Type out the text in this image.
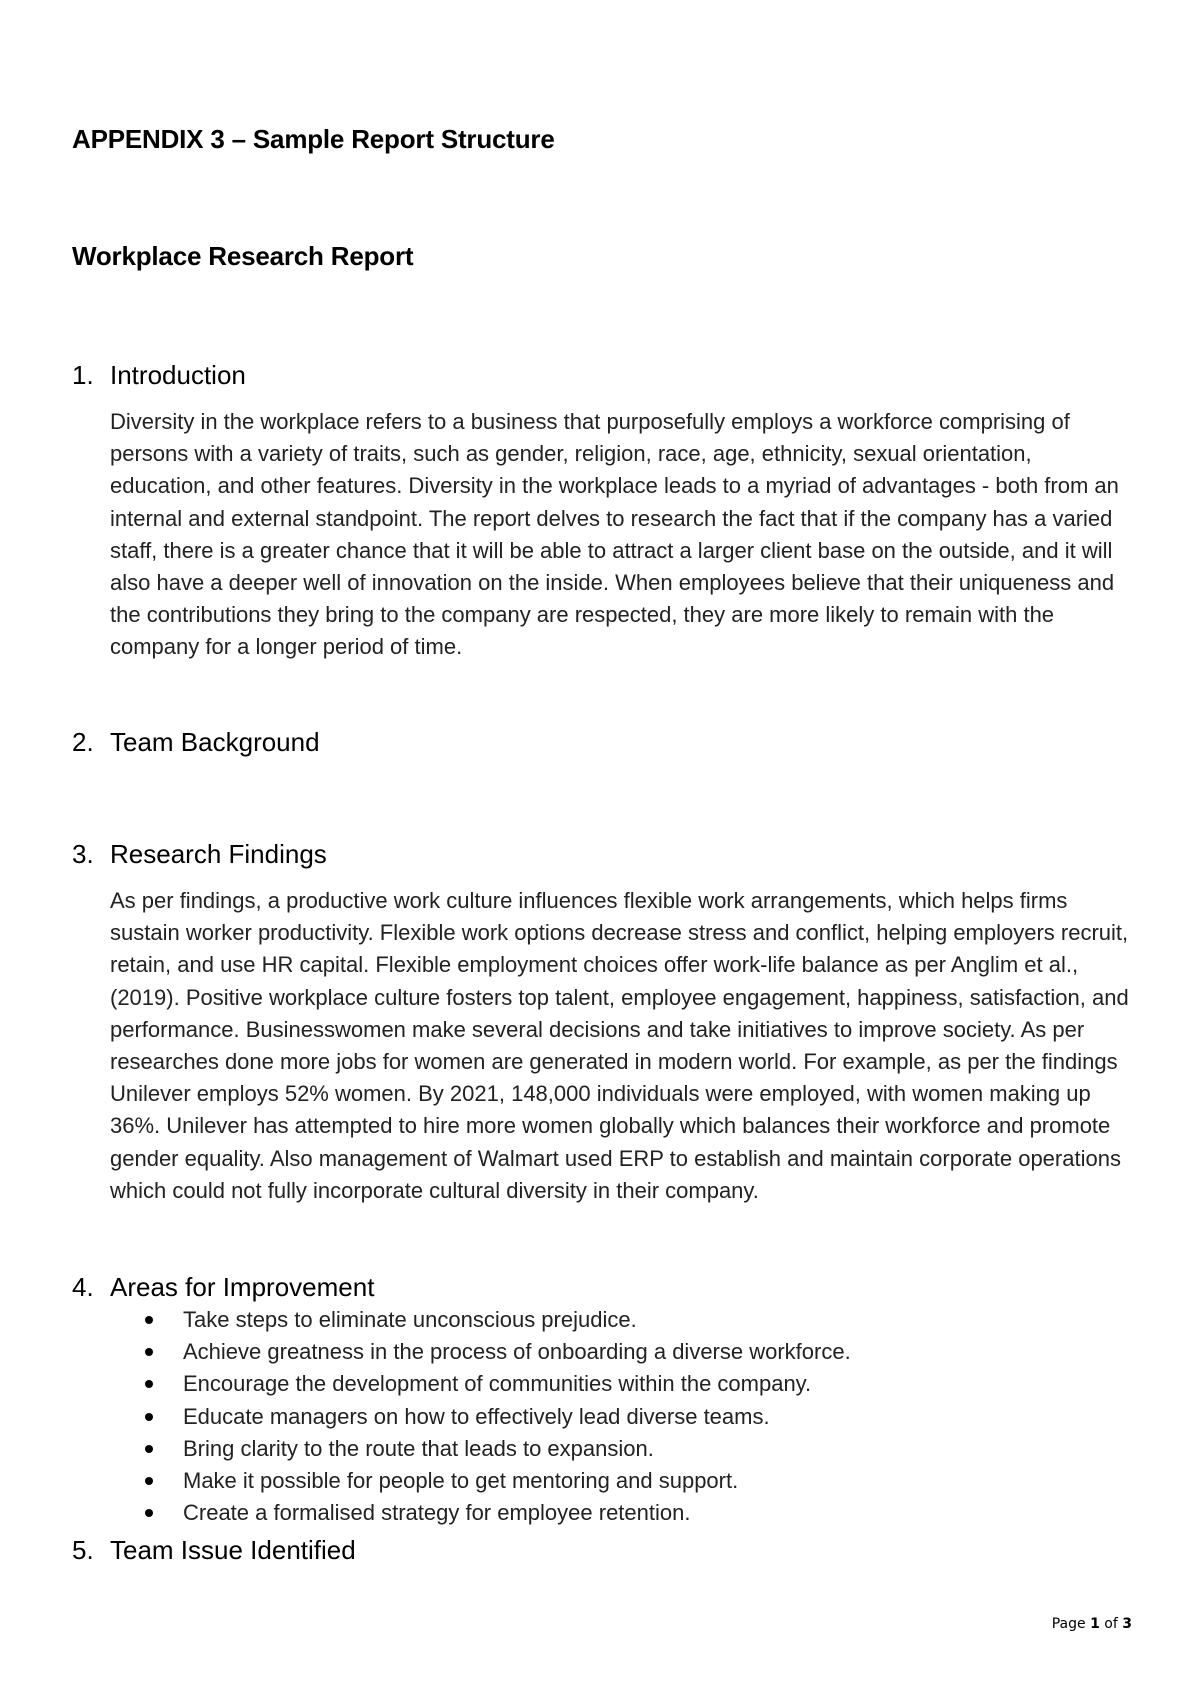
APPENDIX 3 – Sample Report Structure
Workplace Research Report
1. Introduction

Diversity in the workplace refers to a business that purposefully employs a workforce comprising of persons with a variety of traits, such as gender, religion, race, age, ethnicity, sexual orientation, education, and other features. Diversity in the workplace leads to a myriad of advantages - both from an internal and external standpoint. The report delves to research the fact that if the company has a varied staff, there is a greater chance that it will be able to attract a larger client base on the outside, and it will also have a deeper well of innovation on the inside. When employees believe that their uniqueness and the contributions they bring to the company are respected, they are more likely to remain with the company for a longer period of time.

2. Team Background
3. Research Findings

As per findings, a productive work culture influences flexible work arrangements, which helps firms sustain worker productivity. Flexible work options decrease stress and conflict, helping employers recruit, retain, and use HR capital. Flexible employment choices offer work-life balance as per Anglim et al., (2019). Positive workplace culture fosters top talent, employee engagement, happiness, satisfaction, and performance. Businesswomen make several decisions and take initiatives to improve society. As per researches done more jobs for women are generated in modern world. For example, as per the findings Unilever employs 52% women. By 2021, 148,000 individuals were employed, with women making up 36%. Unilever has attempted to hire more women globally which balances their workforce and promote gender equality. Also management of Walmart used ERP to establish and maintain corporate operations which could not fully incorporate cultural diversity in their company.

4. Areas for Improvement
Take steps to eliminate unconscious prejudice.
Achieve greatness in the process of onboarding a diverse workforce.
Encourage the development of communities within the company.
Educate managers on how to effectively lead diverse teams.
Bring clarity to the route that leads to expansion.
Make it possible for people to get mentoring and support.
Create a formalised strategy for employee retention.
5. Team Issue Identified
Page 1 of 3
